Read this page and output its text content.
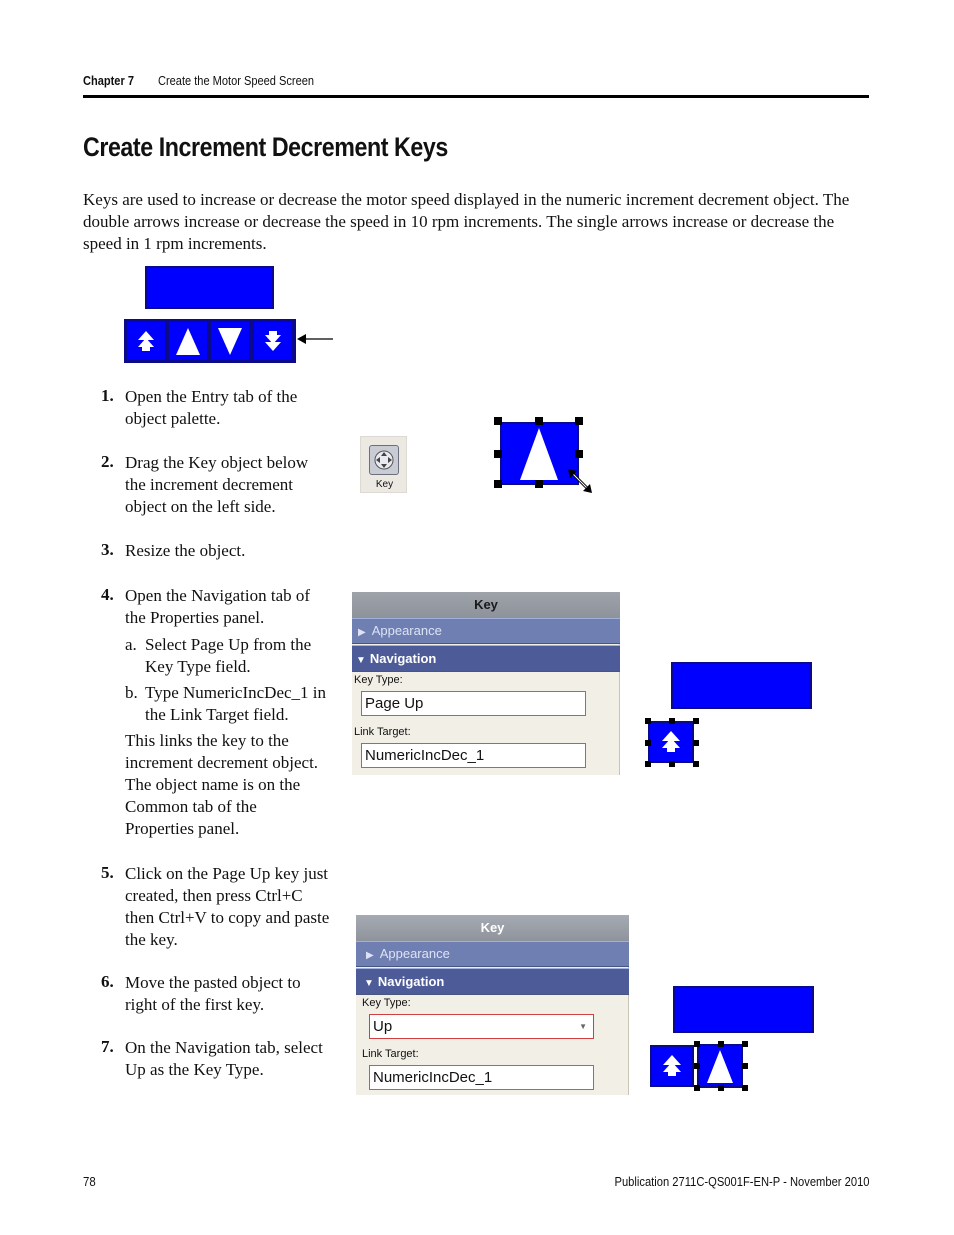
Chapter 7 Create the Motor Speed Screen
Create Increment Decrement Keys
Keys are used to increase or decrease the motor speed displayed in the numeric increment decrement object. The double arrows increase or decrease the speed in 10 rpm increments. The single arrows increase or decrease the speed in 1 rpm increments.
1. Open the Entry tab of the object palette.
2. Drag the Key object below the increment decrement object on the left side.
Key
3. Resize the object.
4. Open the Navigation tab of the Properties panel.
a. Select Page Up from the Key Type field.
b. Type NumericIncDec_1 in the Link Target field.
This links the key to the increment decrement object. The object name is on the Common tab of the Properties panel.
Key
▶ Appearance
▼ Navigation
Key Type:
Page Up
Link Target:
NumericIncDec_1
5. Click on the Page Up key just created, then press Ctrl+C then Ctrl+V to copy and paste the key.
6. Move the pasted object to right of the first key.
7. On the Navigation tab, select Up as the Key Type.
Key
▶ Appearance
▼ Navigation
Key Type:
Up	▼
Link Target:
NumericIncDec_1
78	Publication 2711C-QS001F-EN-P - November 2010
